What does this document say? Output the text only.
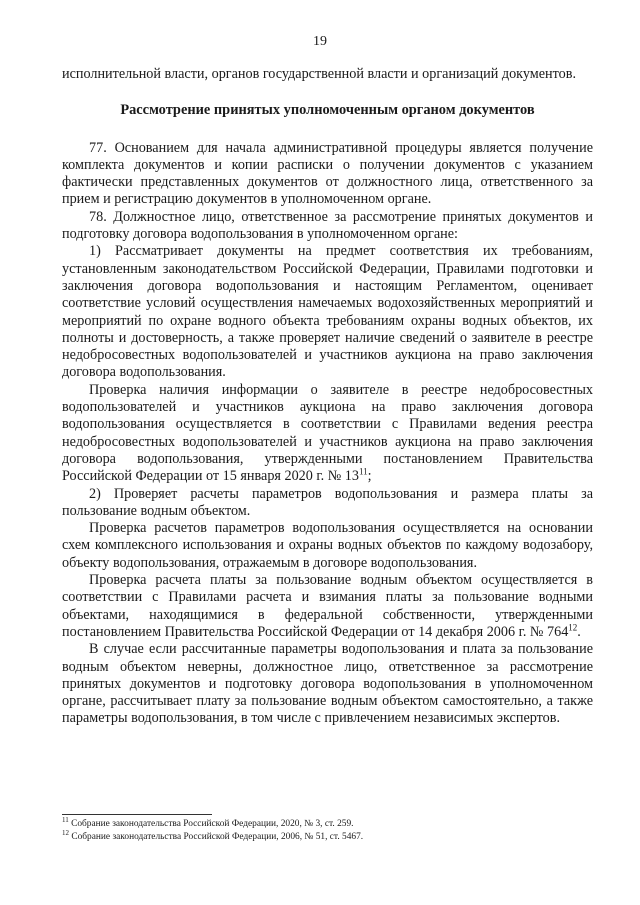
19

исполнительной власти, органов государственной власти и организаций документов.

Рассмотрение принятых уполномоченным органом документов

77. Основанием для начала административной процедуры является получение комплекта документов и копии расписки о получении документов с указанием фактически представленных документов от должностного лица, ответственного за прием и регистрацию документов в уполномоченном органе.

78. Должностное лицо, ответственное за рассмотрение принятых документов и подготовку договора водопользования в уполномоченном органе:

1) Рассматривает документы на предмет соответствия их требованиям, установленным законодательством Российской Федерации, Правилами подготовки и заключения договора водопользования и настоящим Регламентом, оценивает соответствие условий осуществления намечаемых водохозяйственных мероприятий и мероприятий по охране водного объекта требованиям охраны водных объектов, их полноты и достоверность, а также проверяет наличие сведений о заявителе в реестре недобросовестных водопользователей и участников аукциона на право заключения договора водопользования.

Проверка наличия информации о заявителе в реестре недобросовестных водопользователей и участников аукциона на право заключения договора водопользования осуществляется в соответствии с Правилами ведения реестра недобросовестных водопользователей и участников аукциона на право заключения договора водопользования, утвержденными постановлением Правительства Российской Федерации от 15 января 2020 г. № $13^{11}$;

2) Проверяет расчеты параметров водопользования и размера платы за пользование водным объектом.

Проверка расчетов параметров водопользования осуществляется на основании схем комплексного использования и охраны водных объектов по каждому водозабору, объекту водопользования, отражаемым в договоре водопользования.

Проверка расчета платы за пользование водным объектом осуществляется в соответствии с Правилами расчета и взимания платы за пользование водными объектами, находящимися в федеральной собственности, утвержденными постановлением Правительства Российской Федерации от 14 декабря 2006 г. № $764^{12}$.

В случае если рассчитанные параметры водопользования и плата за пользование водным объектом неверны, должностное лицо, ответственное за рассмотрение принятых документов и подготовку договора водопользования в уполномоченном органе, рассчитывает плату за пользование водным объектом самостоятельно, а также параметры водопользования, в том числе с привлечением независимых экспертов.

$^{11}$ Собрание законодательства Российской Федерации, 2020, № 3, ст. 259.

$^{12}$ Собрание законодательства Российской Федерации, 2006, № 51, ст. 5467.
